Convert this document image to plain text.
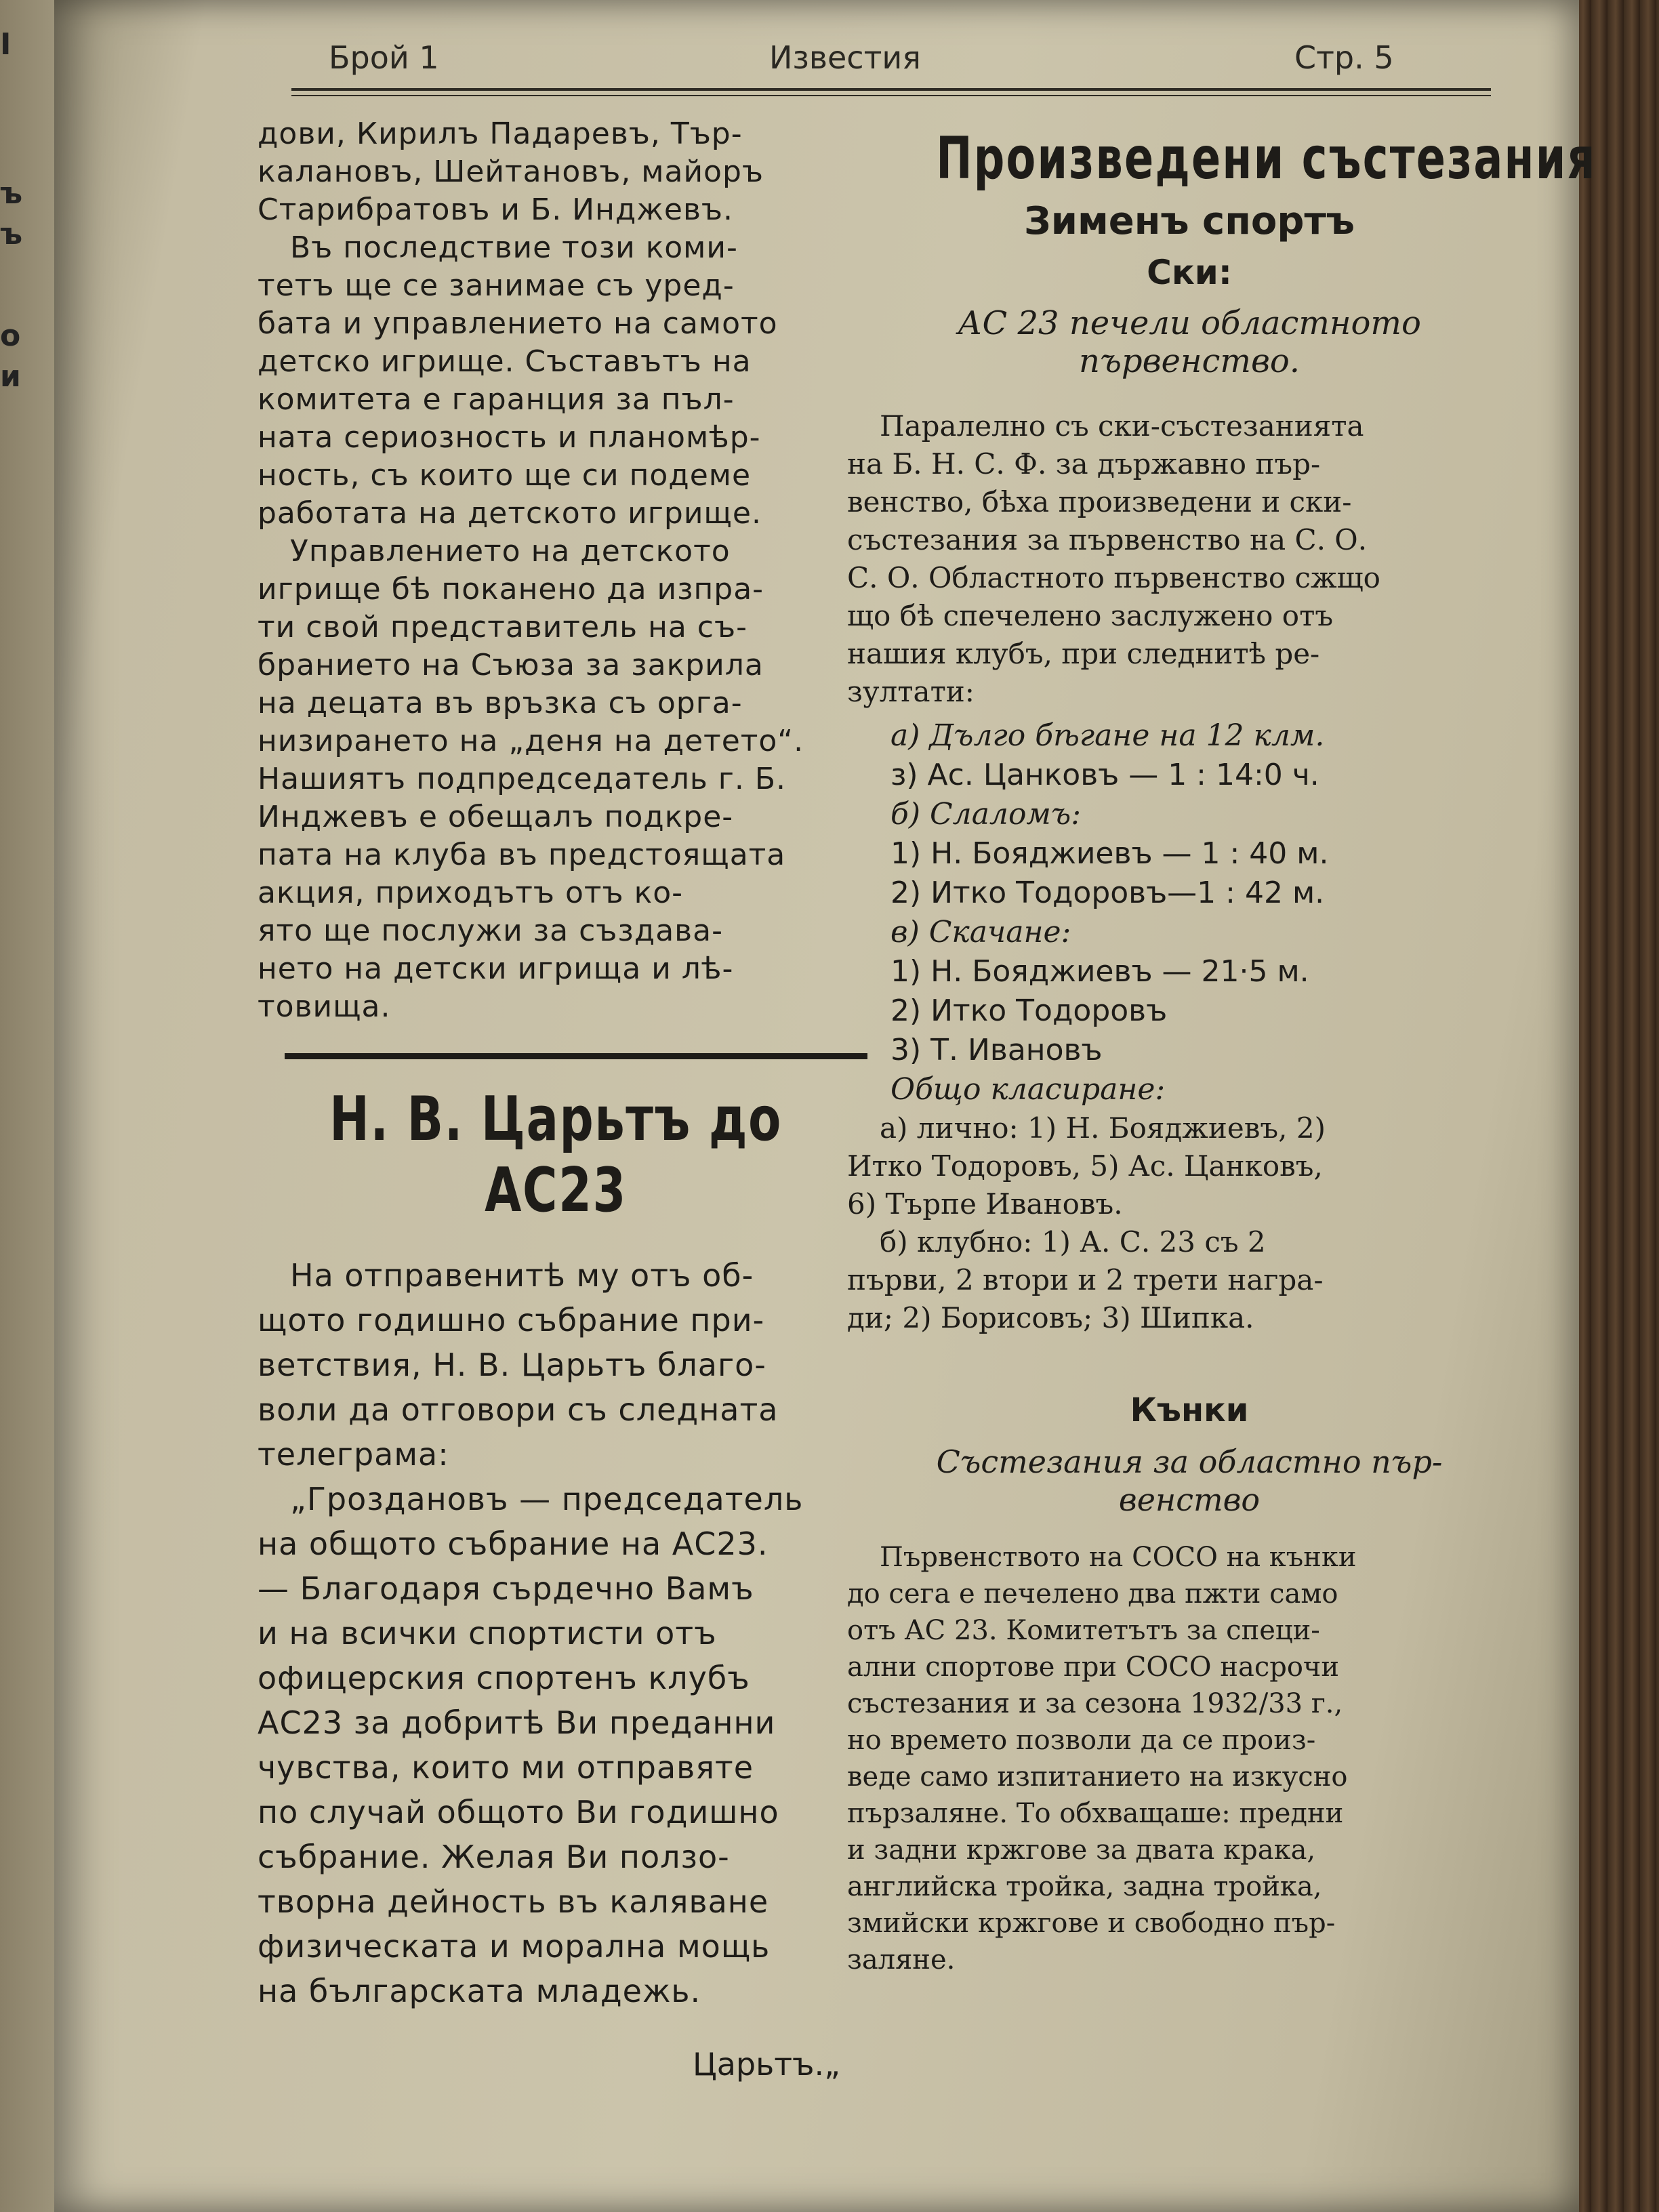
ъ
ъ
о
и
I	Брой 1	Известия	Стр. 5
дови, Кирилъ Падаревъ, Тър-
калановъ, Шейтановъ, майоръ
Старибратовъ и Б. Инджевъ.
Въ последствие този коми-
тетъ ще се занимае съ уред-
бата и управлението на самото
детско игрище. Съставътъ на
комитета е гаранция за пъл-
ната сериозность и планомѣр-
ность, съ които ще си подеме
работата на детското игрище.
Управлението на детското
игрище бѣ поканено да изпра-
ти свой представитель на съ-
бранието на Съюза за закрила
на децата въ връзка съ орга-
низирането на „деня на детето“.
Нашиятъ подпредседатель г. Б.
Инджевъ е обещалъ подкре-
пата на клуба въ предстоящата
акция, приходътъ отъ ко-
ято ще послужи за създава-
нето на детски игрища и лѣ-
товища.
Н. В. Царьтъ до АС23
На отправенитѣ му отъ об-
щото годишно събрание при-
ветствия, Н. В. Царьтъ благо-
воли да отговори съ следната
телеграма:
„Гроздановъ — председатель
на общото събрание на АС23.
— Благодаря сърдечно Вамъ
и на всички спортисти отъ
офицерския спортенъ клубъ
АС23 за добритѣ Ви преданни
чувства, които ми отправяте
по случай общото Ви годишно
събрание. Желая Ви ползо-
творна дейность въ каляване
физическата и морална мощь
на българската младежь.
Царьтъ.„
Произведени състезания
Зименъ спортъ
Ски:
АС 23 печели областното
първенство.
Паралелно съ ски-състезанията
на Б. Н. С. Ф. за държавно пър-
венство, бѣха произведени и ски-
състезания за първенство на С. О.
С. О. Областното първенство сжщо
що бѣ спечелено заслужено отъ
нашия клубъ, при следнитѣ ре-
зултати:
а) Дълго бѣгане на 12 клм.
з) Ас. Цанковъ — 1 : 14:0 ч.
б) Слаломъ:
1) Н. Бояджиевъ — 1 : 40 м.
2) Итко Тодоровъ—1 : 42 м.
в) Скачане:
1) Н. Бояджиевъ — 21·5 м.
2) Итко Тодоровъ
3) Т. Ивановъ
Общо класиране:
а) лично: 1) Н. Бояджиевъ, 2)
Итко Тодоровъ, 5) Ас. Цанковъ,
6) Търпе Ивановъ.
б) клубно: 1) А. С. 23 съ 2
първи, 2 втори и 2 трети награ-
ди; 2) Борисовъ; 3) Шипка.
Кънки
Състезания за областно пър-
венство
Първенството на СОСО на кънки
до сега е печелено два пжти само
отъ АС 23. Комитетътъ за специ-
ални спортове при СОСО насрочи
състезания и за сезона 1932/33 г.,
но времето позволи да се произ-
веде само изпитанието на изкусно
пързаляне. То обхващаше: предни
и задни кржгове за двата крака,
английска тройка, задна тройка,
змийски кржгове и свободно пър-
заляне.
